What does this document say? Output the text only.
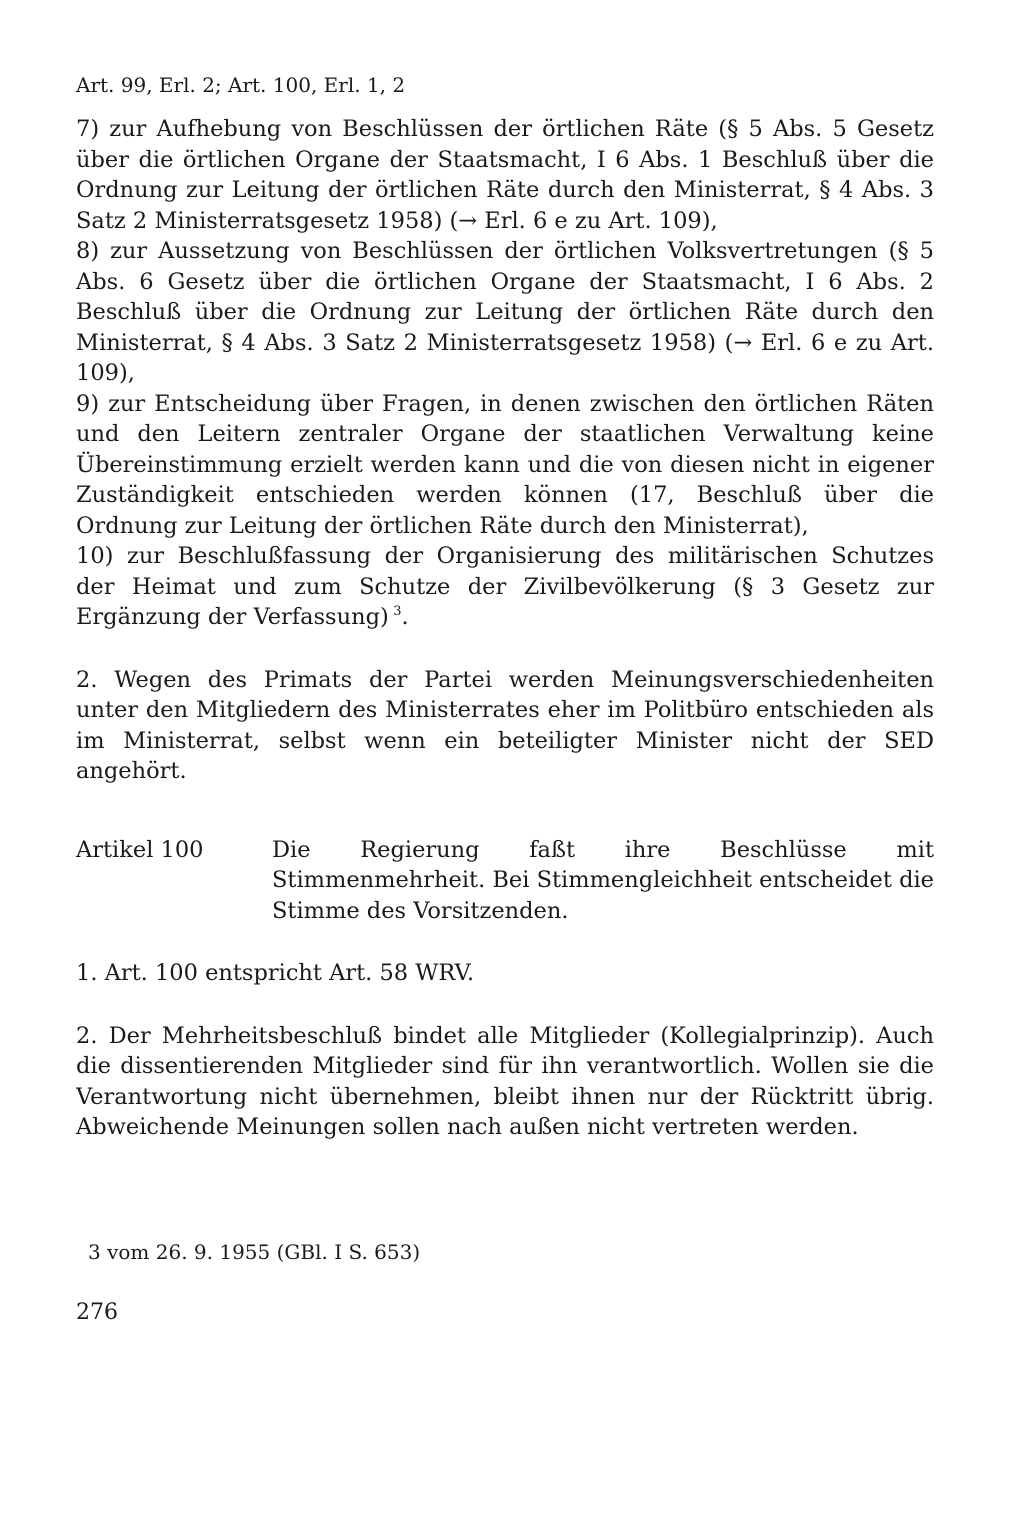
Art. 99, Erl. 2; Art. 100, Erl. 1, 2

7) zur Aufhebung von Beschlüssen der örtlichen Räte (§ 5 Abs. 5 Gesetz über die örtlichen Organe der Staatsmacht, I 6 Abs. 1 Beschluß über die Ordnung zur Leitung der örtlichen Räte durch den Ministerrat, § 4 Abs. 3 Satz 2 Ministerratsgesetz 1958) (→ Erl. 6 e zu Art. 109),

8) zur Aussetzung von Beschlüssen der örtlichen Volksvertretungen (§ 5 Abs. 6 Gesetz über die örtlichen Organe der Staatsmacht, I 6 Abs. 2 Beschluß über die Ordnung zur Leitung der örtlichen Räte durch den Ministerrat, § 4 Abs. 3 Satz 2 Ministerratsgesetz 1958) (→ Erl. 6 e zu Art. 109),

9) zur Entscheidung über Fragen, in denen zwischen den örtlichen Räten und den Leitern zentraler Organe der staatlichen Verwaltung keine Übereinstimmung erzielt werden kann und die von diesen nicht in eigener Zuständigkeit entschieden werden können (17, Beschluß über die Ordnung zur Leitung der örtlichen Räte durch den Ministerrat),

10) zur Beschlußfassung der Organisierung des militärischen Schutzes der Heimat und zum Schutze der Zivilbevölkerung (§ 3 Gesetz zur Ergänzung der Verfassung)  $^3$.

2. Wegen des Primats der Partei werden Meinungsverschiedenheiten unter den Mitgliedern des Ministerrates eher im Politbüro entschieden als im Ministerrat, selbst wenn ein beteiligter Minister nicht der SED angehört.

Artikel 100	Die Regierung faßt ihre Beschlüsse mit Stimmenmehrheit. Bei Stimmengleichheit entscheidet die Stimme des Vorsitzenden.

1. Art. 100 entspricht Art. 58 WRV.

2. Der Mehrheitsbeschluß bindet alle Mitglieder (Kollegialprinzip). Auch die dissentierenden Mitglieder sind für ihn verantwortlich. Wollen sie die Verantwortung nicht übernehmen, bleibt ihnen nur der Rücktritt übrig. Abweichende Meinungen sollen nach außen nicht vertreten werden.

3 vom 26. 9. 1955 (GBl. I S. 653)
276
